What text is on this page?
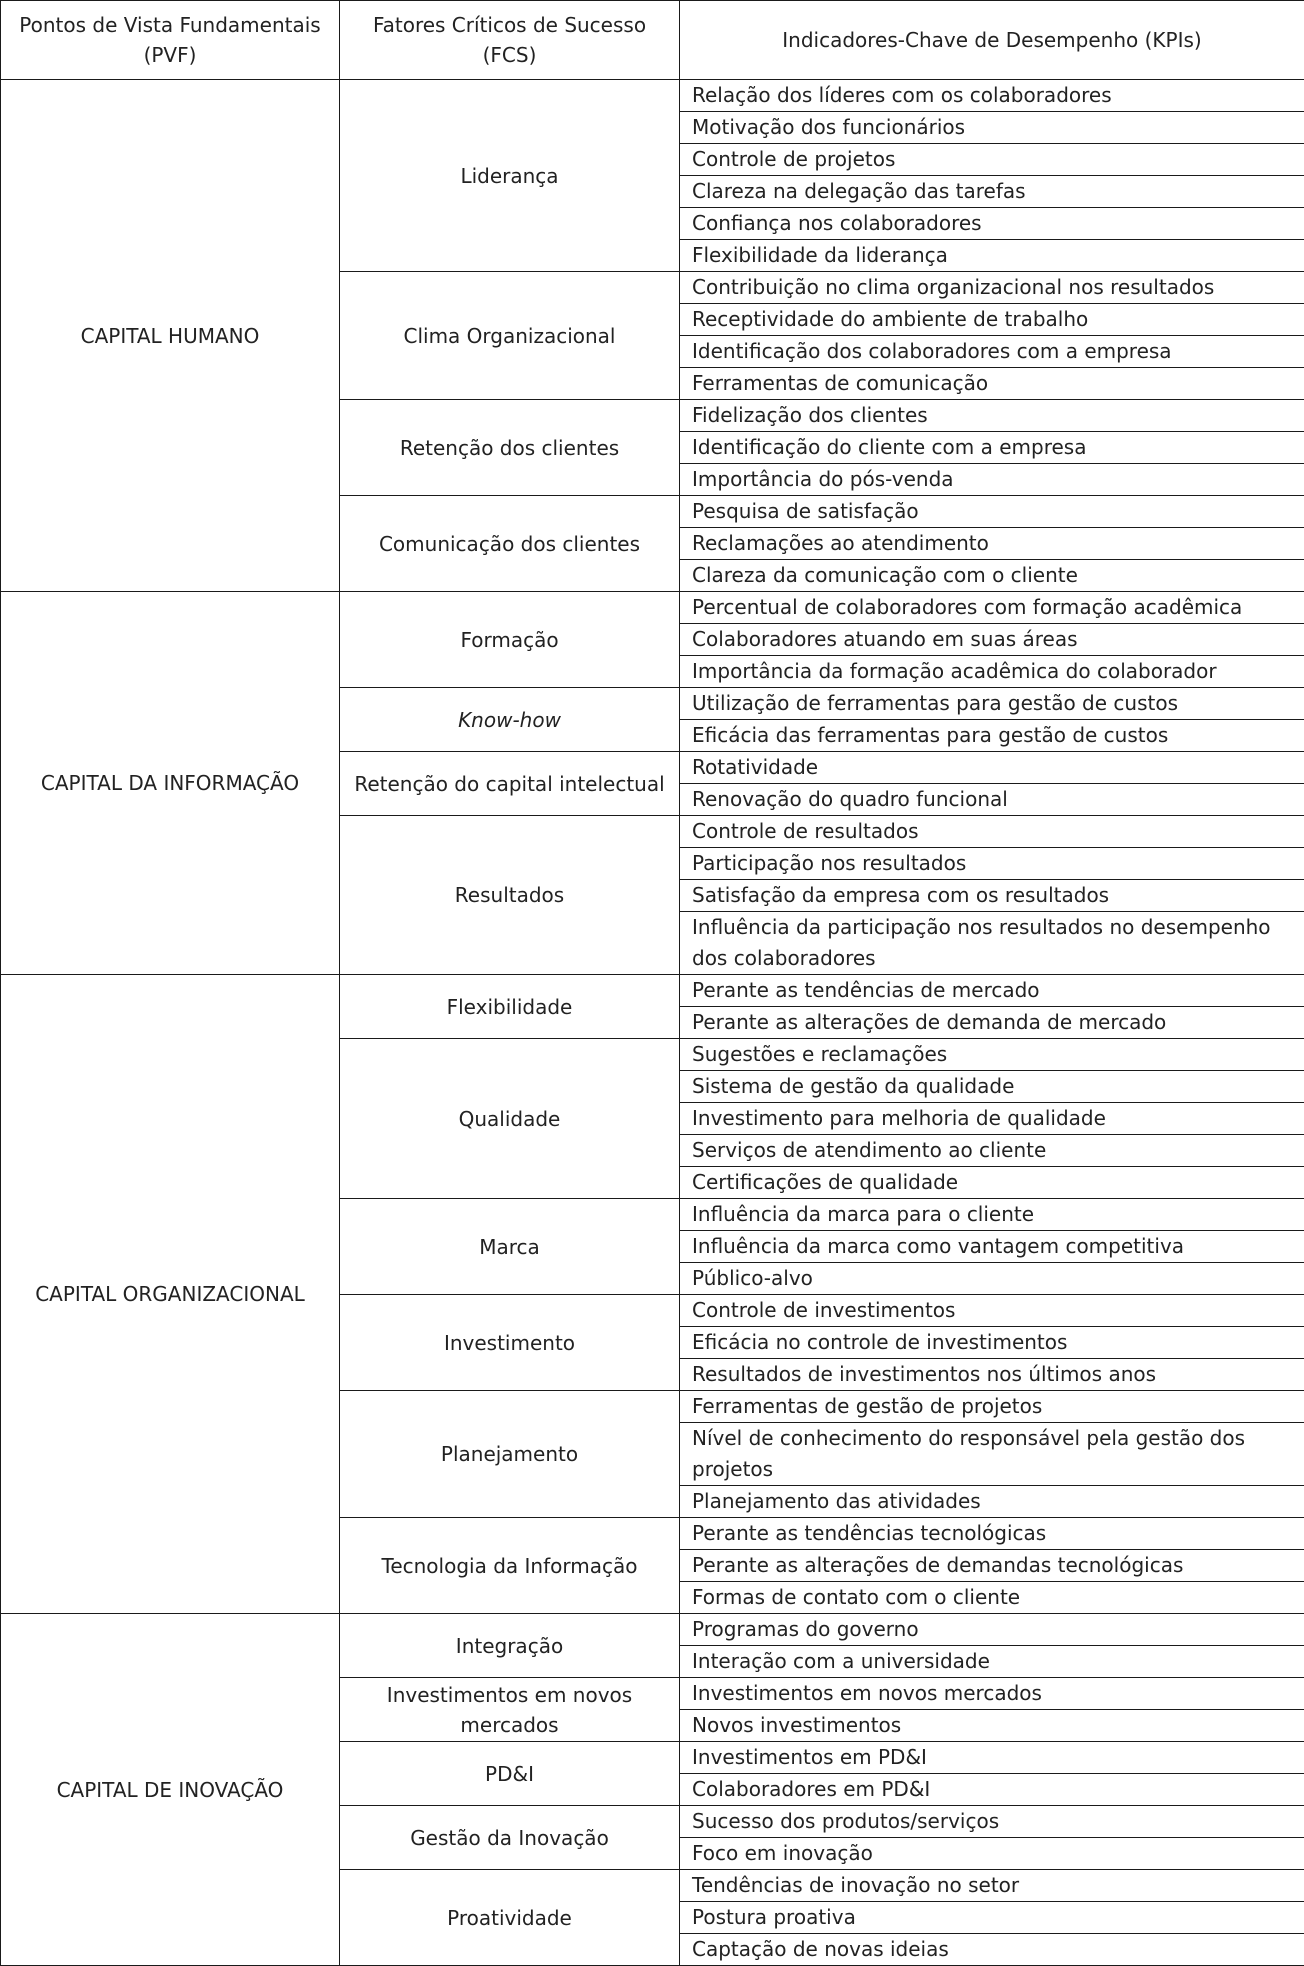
Pontos de Vista Fundamentais (PVF)	Fatores Críticos de Sucesso (FCS)	Indicadores-Chave de Desempenho (KPIs)
CAPITAL HUMANO	Liderança	Relação dos líderes com os colaboradores
		Motivação dos funcionários
		Controle de projetos
		Clareza na delegação das tarefas
		Confiança nos colaboradores
		Flexibilidade da liderança
	Clima Organizacional	Contribuição no clima organizacional nos resultados
		Receptividade do ambiente de trabalho
		Identificação dos colaboradores com a empresa
		Ferramentas de comunicação
	Retenção dos clientes	Fidelização dos clientes
		Identificação do cliente com a empresa
		Importância do pós-venda
	Comunicação dos clientes	Pesquisa de satisfação
		Reclamações ao atendimento
		Clareza da comunicação com o cliente
CAPITAL DA INFORMAÇÃO	Formação	Percentual de colaboradores com formação acadêmica
		Colaboradores atuando em suas áreas
		Importância da formação acadêmica do colaborador
	Know-how	Utilização de ferramentas para gestão de custos
		Eficácia das ferramentas para gestão de custos
	Retenção do capital intelectual	Rotatividade
		Renovação do quadro funcional
	Resultados	Controle de resultados
		Participação nos resultados
		Satisfação da empresa com os resultados
		Influência da participação nos resultados no desempenho dos colaboradores
CAPITAL ORGANIZACIONAL	Flexibilidade	Perante as tendências de mercado
		Perante as alterações de demanda de mercado
	Qualidade	Sugestões e reclamações
		Sistema de gestão da qualidade
		Investimento para melhoria de qualidade
		Serviços de atendimento ao cliente
		Certificações de qualidade
	Marca	Influência da marca para o cliente
		Influência da marca como vantagem competitiva
		Público-alvo
	Investimento	Controle de investimentos
		Eficácia no controle de investimentos
		Resultados de investimentos nos últimos anos
	Planejamento	Ferramentas de gestão de projetos
		Nível de conhecimento do responsável pela gestão dos projetos
		Planejamento das atividades
	Tecnologia da Informação	Perante as tendências tecnológicas
		Perante as alterações de demandas tecnológicas
		Formas de contato com o cliente
CAPITAL DE INOVAÇÃO	Integração	Programas do governo
		Interação com a universidade
	Investimentos em novos mercados	Investimentos em novos mercados
		Novos investimentos
	PD&I	Investimentos em PD&I
		Colaboradores em PD&I
	Gestão da Inovação	Sucesso dos produtos/serviços
		Foco em inovação
	Proatividade	Tendências de inovação no setor
		Postura proativa
		Captação de novas ideias
